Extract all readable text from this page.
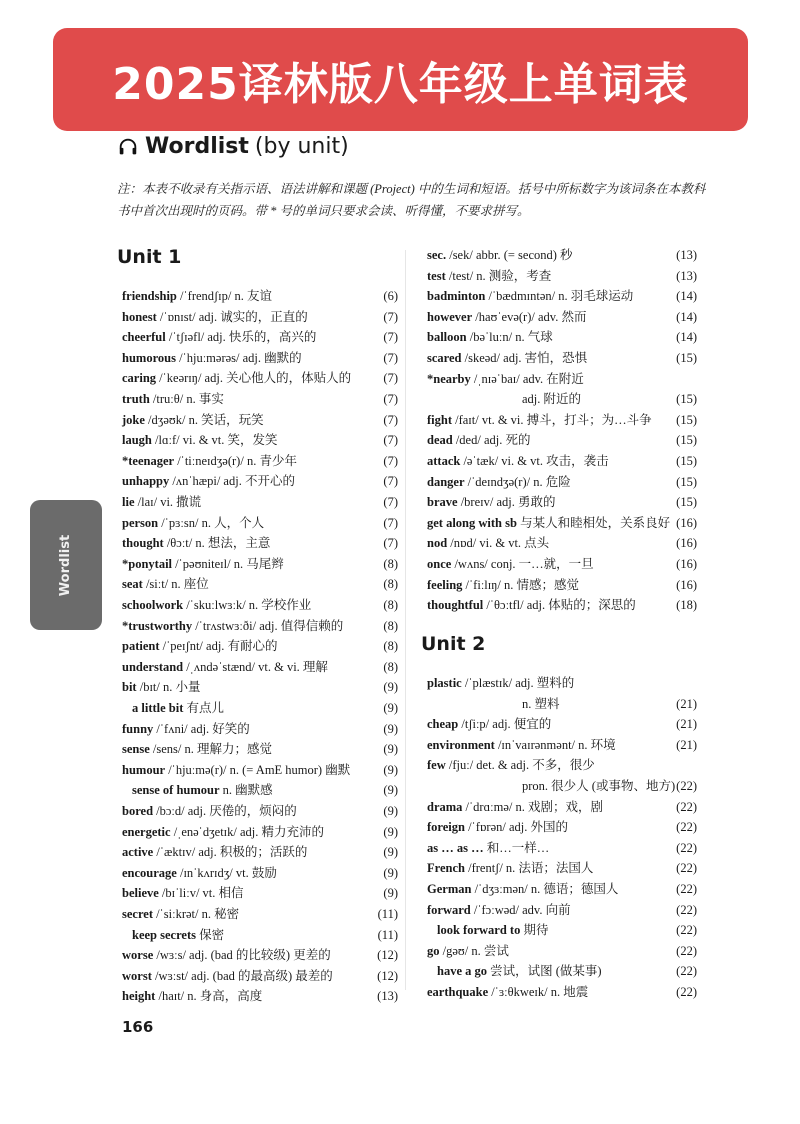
2025译林版八年级上单词表
Wordlist (by unit)
注：本表不收录有关指示语、语法讲解和课题 (Project) 中的生词和短语。括号中所标数字为该词条在本教科书中首次出现时的页码。带 * 号的单词只要求会读、听得懂，不要求拼写。
Unit 1
Unit 2
friendship /ˈfrendʃɪp/ n. 友谊	(6)
honest /ˈɒnɪst/ adj. 诚实的，正直的	(7)
cheerful /ˈtʃɪəfl/ adj. 快乐的，高兴的	(7)
humorous /ˈhjuːmərəs/ adj. 幽默的	(7)
caring /ˈkeərɪŋ/ adj. 关心他人的，体贴人的	(7)
truth /truːθ/ n. 事实	(7)
joke /dʒəʊk/ n. 笑话，玩笑	(7)
laugh /lɑːf/ vi. & vt. 笑，发笑	(7)
*teenager /ˈtiːneɪdʒə(r)/ n. 青少年	(7)
unhappy /ʌnˈhæpi/ adj. 不开心的	(7)
lie /laɪ/ vi. 撒谎	(7)
person /ˈpɜːsn/ n. 人，个人	(7)
thought /θɔːt/ n. 想法，主意	(7)
*ponytail /ˈpəʊniteɪl/ n. 马尾辫	(8)
seat /siːt/ n. 座位	(8)
schoolwork /ˈskuːlwɜːk/ n. 学校作业	(8)
*trustworthy /ˈtrʌstwɜːði/ adj. 值得信赖的	(8)
patient /ˈpeɪʃnt/ adj. 有耐心的	(8)
understand /ˌʌndəˈstænd/ vt. & vi. 理解	(8)
bit /bɪt/ n. 小量	(9)
a little bit 有点儿	(9)
funny /ˈfʌni/ adj. 好笑的	(9)
sense /sens/ n. 理解力；感觉	(9)
humour /ˈhjuːmə(r)/ n. (= AmE humor) 幽默	(9)
sense of humour n. 幽默感	(9)
bored /bɔːd/ adj. 厌倦的，烦闷的	(9)
energetic /ˌenəˈdʒetɪk/ adj. 精力充沛的	(9)
active /ˈæktɪv/ adj. 积极的；活跃的	(9)
encourage /ɪnˈkʌrɪdʒ/ vt. 鼓励	(9)
believe /bɪˈliːv/ vt. 相信	(9)
secret /ˈsiːkrət/ n. 秘密	(11)
keep secrets 保密	(11)
worse /wɜːs/ adj. (bad 的比较级) 更差的	(12)
worst /wɜːst/ adj. (bad 的最高级) 最差的	(12)
height /haɪt/ n. 身高，高度	(13)
sec. /sek/ abbr. (= second) 秒	(13)
test /test/ n. 测验，考查	(13)
badminton /ˈbædmɪntən/ n. 羽毛球运动	(14)
however /haʊˈevə(r)/ adv. 然而	(14)
balloon /bəˈluːn/ n. 气球	(14)
scared /skeəd/ adj. 害怕，恐惧	(15)
*nearby /ˌnɪəˈbaɪ/ adv. 在附近
adj. 附近的	(15)
fight /faɪt/ vt. & vi. 搏斗，打斗；为…斗争	(15)
dead /ded/ adj. 死的	(15)
attack /əˈtæk/ vi. & vt. 攻击，袭击	(15)
danger /ˈdeɪndʒə(r)/ n. 危险	(15)
brave /breɪv/ adj. 勇敢的	(15)
get along with sb 与某人和睦相处，关系良好 (16)
nod /nɒd/ vi. & vt. 点头	(16)
once /wʌns/ conj. 一…就，一旦	(16)
feeling /ˈfiːlɪŋ/ n. 情感；感觉	(16)
thoughtful /ˈθɔːtfl/ adj. 体贴的；深思的	(18)
plastic /ˈplæstɪk/ adj. 塑料的
n. 塑料	(21)
cheap /tʃiːp/ adj. 便宜的	(21)
environment /ɪnˈvaɪrənmənt/ n. 环境	(21)
few /fjuː/ det. & adj. 不多，很少
pron. 很少人 (或事物、地方) (22)
drama /ˈdrɑːmə/ n. 戏剧；戏，剧	(22)
foreign /ˈfɒrən/ adj. 外国的	(22)
as … as … 和…一样…	(22)
French /frentʃ/ n. 法语；法国人	(22)
German /ˈdʒɜːmən/ n. 德语；德国人	(22)
forward /ˈfɔːwəd/ adv. 向前	(22)
look forward to 期待	(22)
go /gəʊ/ n. 尝试	(22)
have a go 尝试，试图 (做某事)	(22)
earthquake /ˈɜːθkweɪk/ n. 地震	(22)
Wordlist
166
